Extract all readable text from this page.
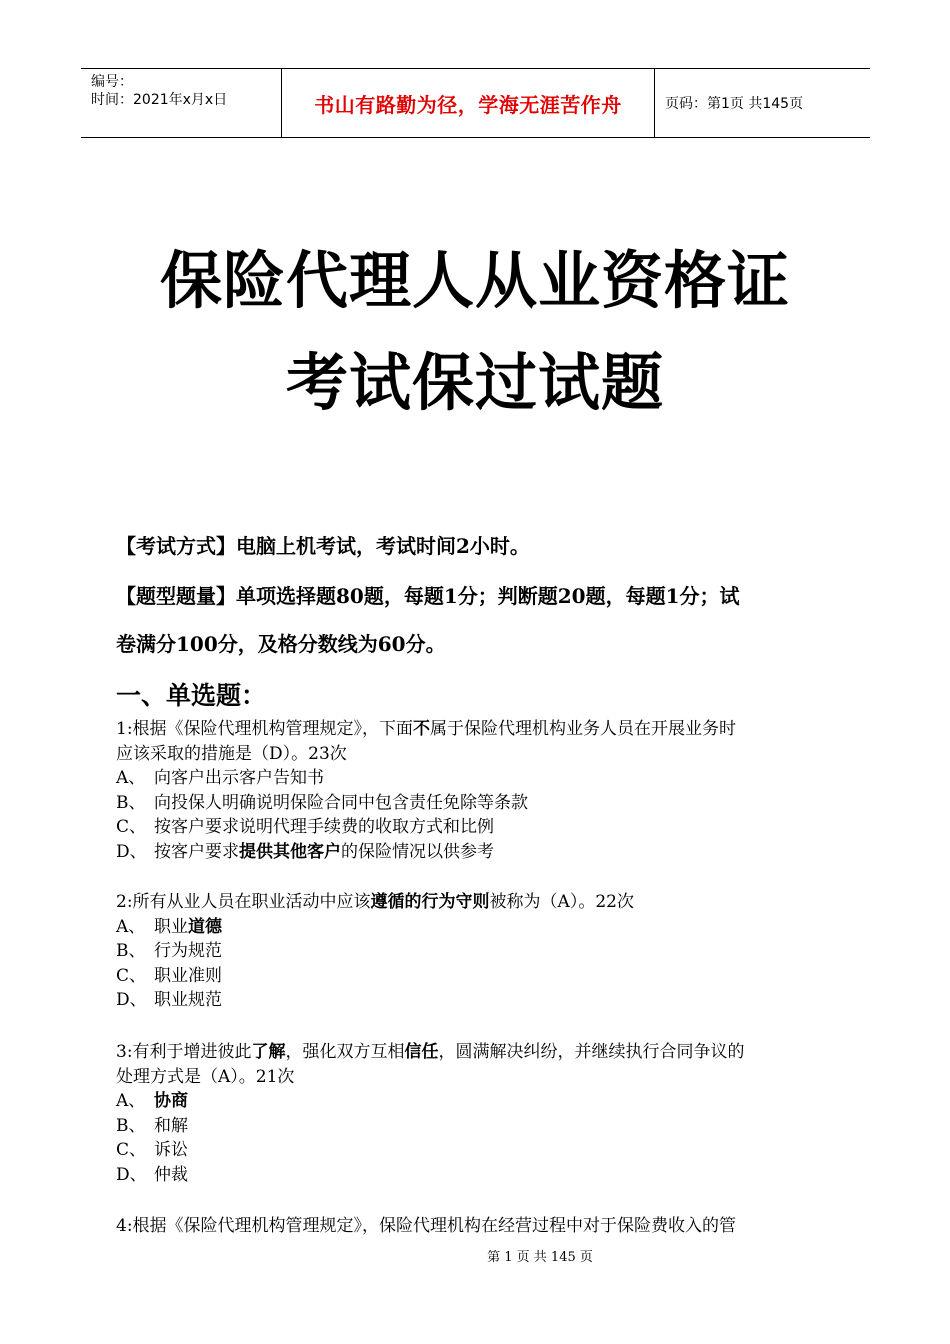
编号：
时间：2021年x月x日	书山有路勤为径，学海无涯苦作舟	页码：第1页 共145页
保险代理人从业资格证
考试保过试题
【考试方式】电脑上机考试，考试时间2小时。
【题型题量】单项选择题80题，每题1分；判断题20题，每题1分；试
卷满分100分，及格分数线为60分。
一、单选题：
1:根据《保险代理机构管理规定》，下面不属于保险代理机构业务人员在开展业务时
应该采取的措施是（D）。23次
A、 向客户出示客户告知书
B、 向投保人明确说明保险合同中包含责任免除等条款
C、 按客户要求说明代理手续费的收取方式和比例
D、 按客户要求提供其他客户的保险情况以供参考
2:所有从业人员在职业活动中应该遵循的行为守则被称为（A）。22次
A、 职业道德
B、 行为规范
C、 职业准则
D、 职业规范
3:有利于增进彼此了解，强化双方互相信任，圆满解决纠纷，并继续执行合同争议的
处理方式是（A）。21次
A、 协商
B、 和解
C、 诉讼
D、 仲裁
4:根据《保险代理机构管理规定》，保险代理机构在经营过程中对于保险费收入的管
第 1 页 共 145 页
